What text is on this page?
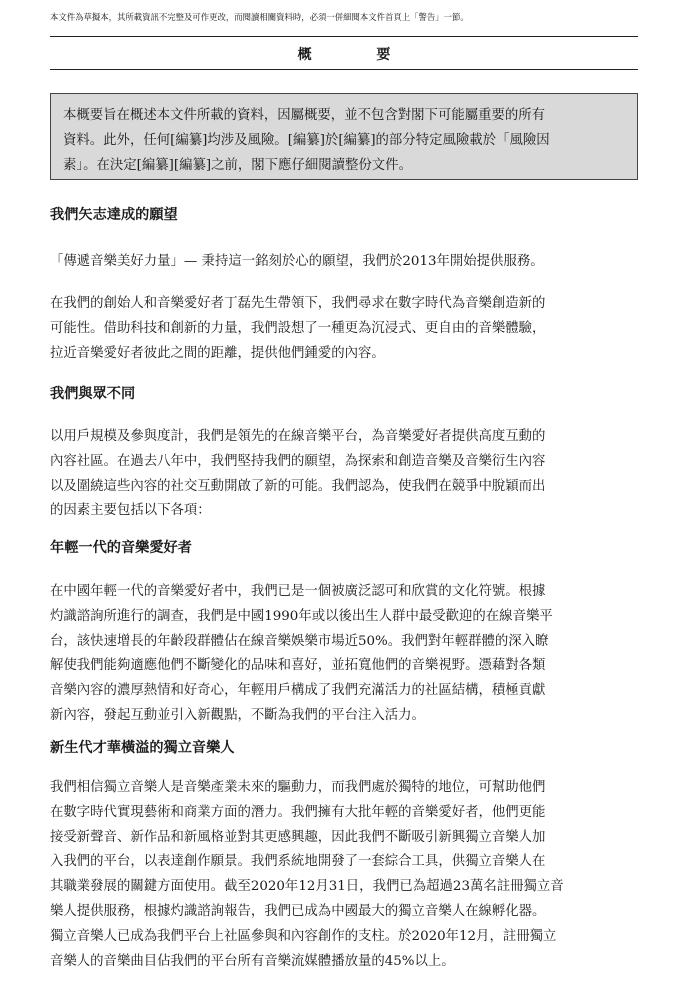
本文件為草擬本，其所載資訊不完整及可作更改，而閱讀相關資料時，必須一併細閱本文件首頁上「警告」一節。
概 要
本概要旨在概述本文件所載的資料，因屬概要，並不包含對閣下可能屬重要的所有
資料。此外，任何[編纂]均涉及風險。[編纂]於[編纂]的部分特定風險載於「風險因
素」。在決定[編纂][編纂]之前，閣下應仔細閱讀整份文件。
我們矢志達成的願望
「傳遞音樂美好力量」— 秉持這一銘刻於心的願望，我們於2013年開始提供服務。
在我們的創始人和音樂愛好者丁磊先生帶領下，我們尋求在數字時代為音樂創造新的
可能性。借助科技和創新的力量，我們設想了一種更為沉浸式、更自由的音樂體驗，
拉近音樂愛好者彼此之間的距離，提供他們鍾愛的內容。
我們與眾不同
以用戶規模及參與度計，我們是領先的在線音樂平台，為音樂愛好者提供高度互動的
內容社區。在過去八年中，我們堅持我們的願望，為探索和創造音樂及音樂衍生內容
以及圍繞這些內容的社交互動開啟了新的可能。我們認為，使我們在競爭中脫穎而出
的因素主要包括以下各項：
年輕一代的音樂愛好者
在中國年輕一代的音樂愛好者中，我們已是一個被廣泛認可和欣賞的文化符號。根據
灼識諮詢所進行的調查，我們是中國1990年或以後出生人群中最受歡迎的在線音樂平
台，該快速增長的年齡段群體佔在線音樂娛樂市場近50%。我們對年輕群體的深入瞭
解使我們能夠適應他們不斷變化的品味和喜好，並拓寬他們的音樂視野。憑藉對各類
音樂內容的濃厚熱情和好奇心，年輕用戶構成了我們充滿活力的社區結構，積極貢獻
新內容，發起互動並引入新觀點，不斷為我們的平台注入活力。
新生代才華橫溢的獨立音樂人
我們相信獨立音樂人是音樂產業未來的驅動力，而我們處於獨特的地位，可幫助他們
在數字時代實現藝術和商業方面的潛力。我們擁有大批年輕的音樂愛好者，他們更能
接受新聲音、新作品和新風格並對其更感興趣，因此我們不斷吸引新興獨立音樂人加
入我們的平台，以表達創作願景。我們系統地開發了一套綜合工具，供獨立音樂人在
其職業發展的關鍵方面使用。截至2020年12月31日，我們已為超過23萬名註冊獨立音
樂人提供服務，根據灼識諮詢報告，我們已成為中國最大的獨立音樂人在線孵化器。
獨立音樂人已成為我們平台上社區參與和內容創作的支柱。於2020年12月，註冊獨立
音樂人的音樂曲目佔我們的平台所有音樂流媒體播放量的45%以上。
